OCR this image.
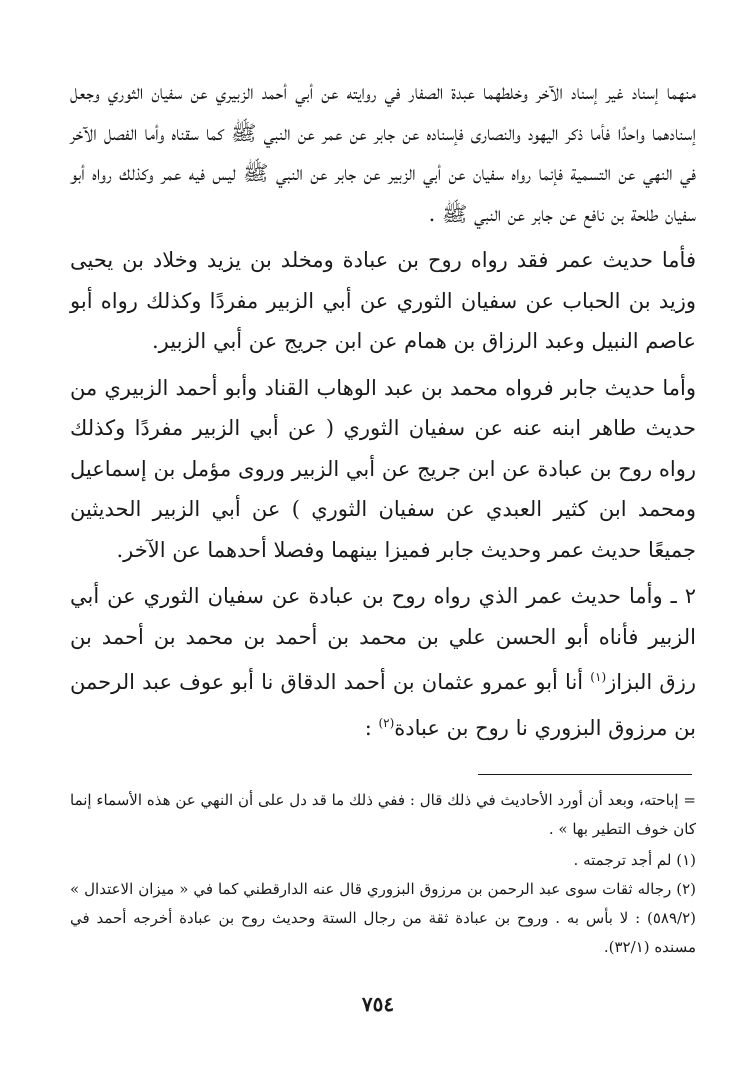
منهما إسناد غير إسناد الآخر وخلطهما عبدة الصفار في روايته عن أبي أحمد الزبيري عن سفيان الثوري وجعل إسنادهما واحدًا فأما ذكر اليهود والنصارى فإسناده عن جابر عن عمر عن النبي ﷺ كما سقناه وأما الفصل الآخر في النهي عن التسمية فإنما رواه سفيان عن أبي الزبير عن جابر عن النبي ﷺ ليس فيه عمر وكذلك رواه أبو سفيان طلحة بن نافع عن جابر عن النبي ﷺ .

فأما حديث عمر فقد رواه روح بن عبادة ومخلد بن يزيد وخلاد بن يحيى وزيد بن الحباب عن سفيان الثوري عن أبي الزبير مفردًا وكذلك رواه أبو عاصم النبيل وعبد الرزاق بن همام عن ابن جريج عن أبي الزبير.

وأما حديث جابر فرواه محمد بن عبد الوهاب القناد وأبو أحمد الزبيري من حديث طاهر ابنه عنه عن سفيان الثوري ( عن أبي الزبير مفردًا وكذلك رواه روح بن عبادة عن ابن جريج عن أبي الزبير وروى مؤمل بن إسماعيل ومحمد ابن كثير العبدي عن سفيان الثوري ) عن أبي الزبير الحديثين جميعًا حديث عمر وحديث جابر فميزا بينهما وفصلا أحدهما عن الآخر.

٢ ـ وأما حديث عمر الذي رواه روح بن عبادة عن سفيان الثوري عن أبي الزبير فأناه أبو الحسن علي بن محمد بن أحمد بن محمد بن أحمد بن رزق البزاز$^{(١)}$ أنا أبو عمرو عثمان بن أحمد الدقاق نا أبو عوف عبد الرحمن بن مرزوق البزوري نا روح بن عبادة$^{(٢)}$ :

= إباحته، وبعد أن أورد الأحاديث في ذلك قال : ففي ذلك ما قد دل على أن النهي عن هذه الأسماء إنما كان خوف التطير بها » .

(١) لم أجد ترجمته .

(٢) رجاله ثقات سوى عبد الرحمن بن مرزوق البزوري قال عنه الدارقطني كما في « ميزان الاعتدال » (٥٨٩/٢) : لا بأس به . وروح بن عبادة ثقة من رجال الستة وحديث روح بن عبادة أخرجه أحمد في مسنده (٣٢/١).

٧٥٤
